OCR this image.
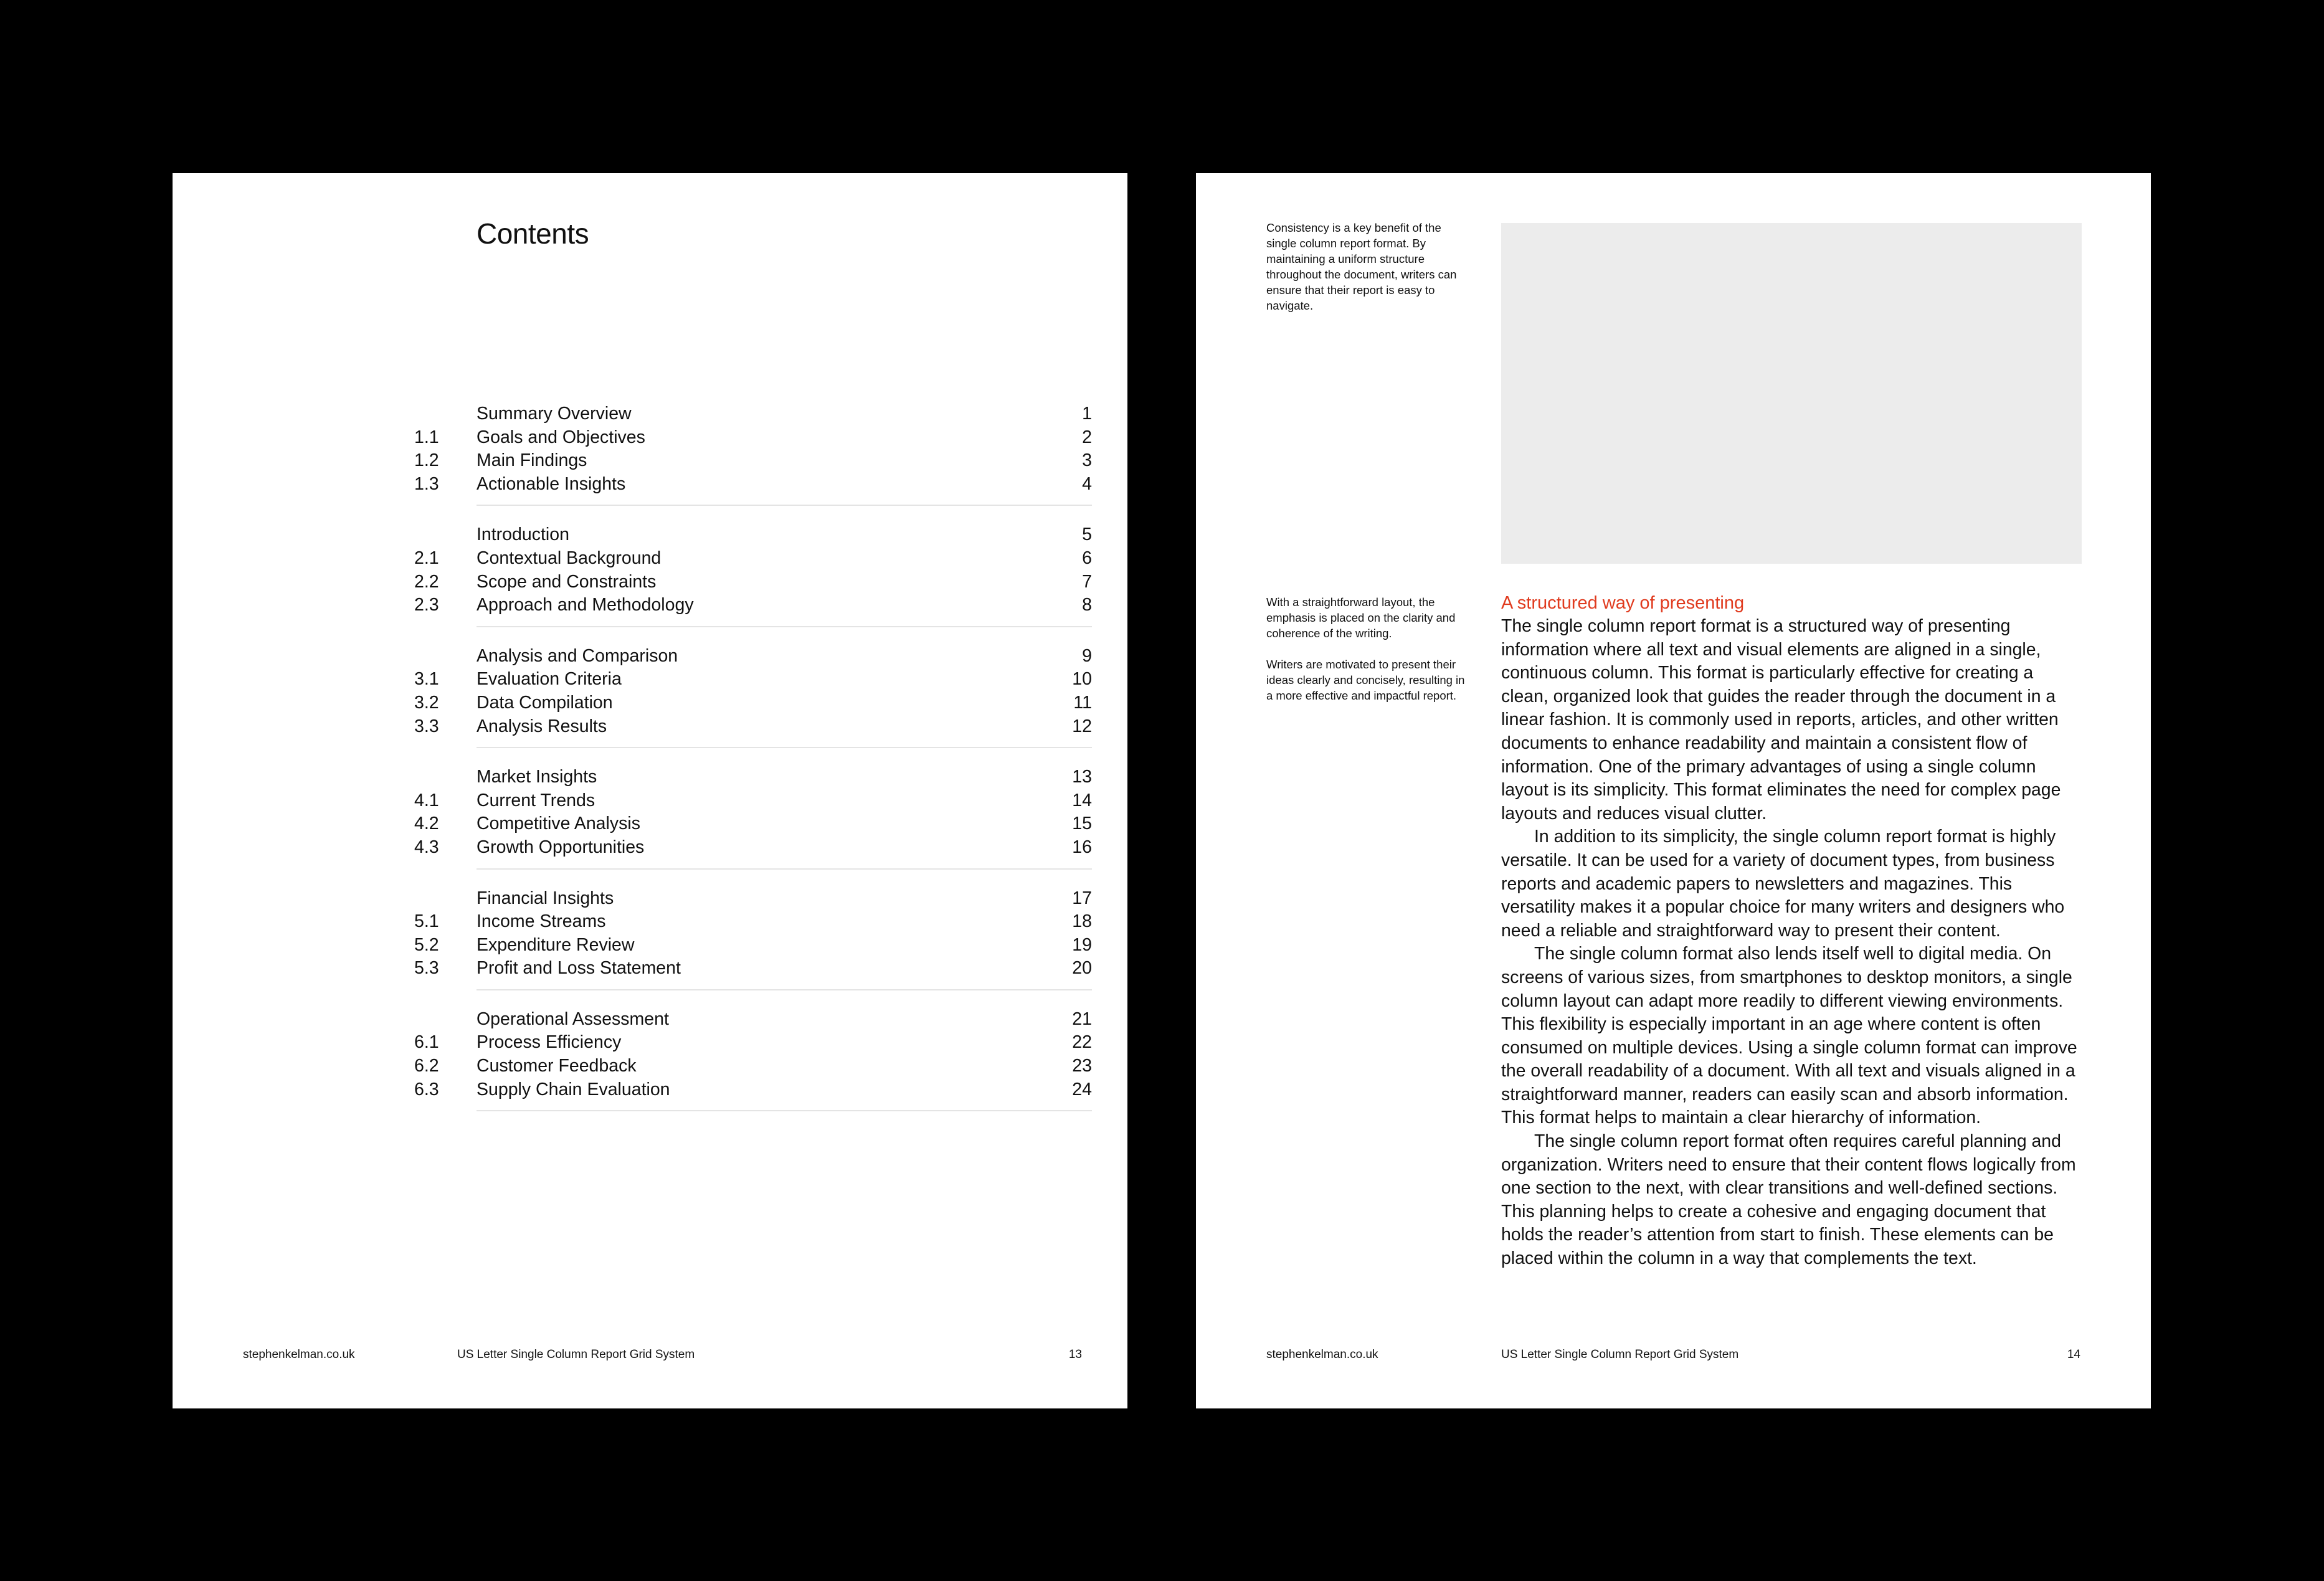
Contents
Summary Overview	1
1.1	Goals and Objectives	2
1.2	Main Findings	3
1.3	Actionable Insights	4
Introduction	5
2.1	Contextual Background	6
2.2	Scope and Constraints	7
2.3	Approach and Methodology	8
Analysis and Comparison	9
3.1	Evaluation Criteria	10
3.2	Data Compilation	11
3.3	Analysis Results	12
Market Insights	13
4.1	Current Trends	14
4.2	Competitive Analysis	15
4.3	Growth Opportunities	16
Financial Insights	17
5.1	Income Streams	18
5.2	Expenditure Review	19
5.3	Profit and Loss Statement	20
Operational Assessment	21
6.1	Process Efficiency	22
6.2	Customer Feedback	23
6.3	Supply Chain Evaluation	24
stephenkelman.co.uk	US Letter Single Column Report Grid System	13

Consistency is a key benefit of the single column report format. By maintaining a uniform structure throughout the document, writers can ensure that their report is easy to navigate.

With a straightforward layout, the emphasis is placed on the clarity and coherence of the writing.

Writers are motivated to present their ideas clearly and concisely, resulting in a more effective and impactful report.

A structured way of presenting

The single column report format is a structured way of presenting information where all text and visual elements are aligned in a single, continuous column. This format is particularly effective for creating a clean, organized look that guides the reader through the document in a linear fashion. It is commonly used in reports, articles, and other written documents to enhance readability and maintain a consistent flow of information. One of the primary advantages of using a single column layout is its simplicity. This format eliminates the need for complex page layouts and reduces visual clutter.

In addition to its simplicity, the single column report format is highly versatile. It can be used for a variety of document types, from business reports and academic papers to newsletters and magazines. This versatility makes it a popular choice for many writers and designers who need a reliable and straightforward way to present their content.

The single column format also lends itself well to digital media. On screens of various sizes, from smartphones to desktop monitors, a single column layout can adapt more readily to different viewing environments. This flexibility is especially important in an age where content is often consumed on multiple devices. Using a single column format can improve the overall readability of a document. With all text and visuals aligned in a straightforward manner, readers can easily scan and absorb information. This format helps to maintain a clear hierarchy of information.

The single column report format often requires careful planning and organization. Writers need to ensure that their content flows logically from one section to the next, with clear transitions and well-defined sections. This planning helps to create a cohesive and engaging document that holds the reader’s attention from start to finish. These elements can be placed within the column in a way that complements the text.

stephenkelman.co.uk	US Letter Single Column Report Grid System	14
